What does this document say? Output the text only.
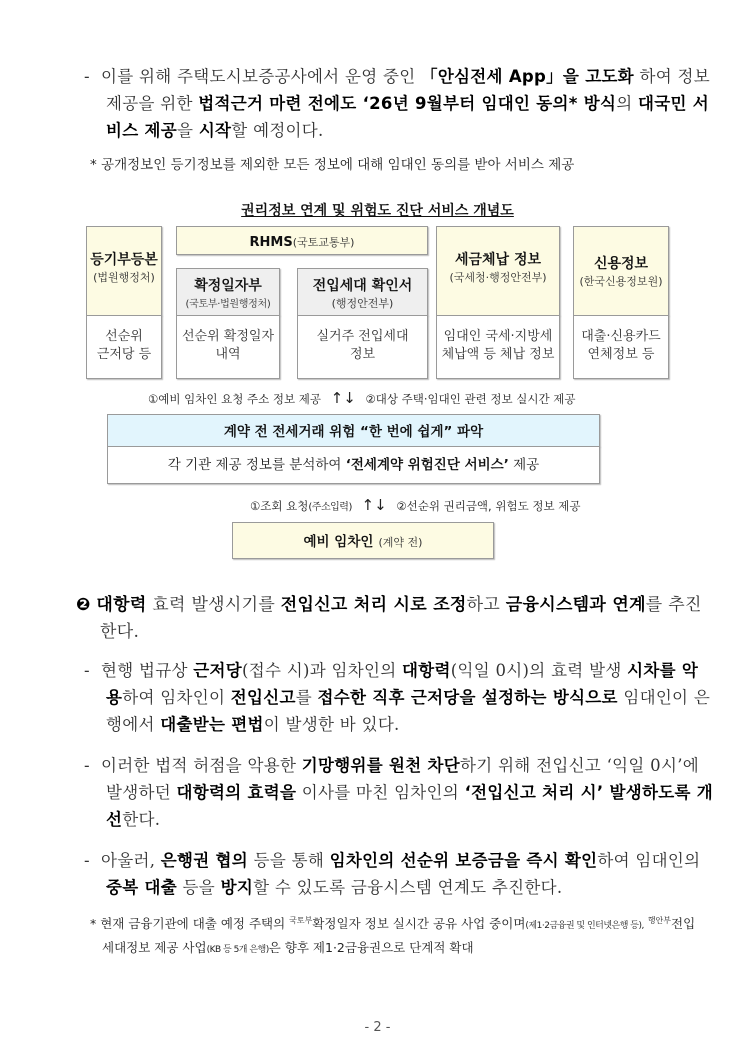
- 이를 위해 주택도시보증공사에서 운영 중인 「안심전세 App」을 고도화 하여 정보 제공을 위한 법적근거 마련 전에도 ‘26년 9월부터 임대인 동의* 방식의 대국민 서비스 제공을 시작할 예정이다.
* 공개정보인 등기정보를 제외한 모든 정보에 대해 임대인 동의를 받아 서비스 제공
권리정보 연계 및 위험도 진단 서비스 개념도
RHMS(국토교통부)
등기부등본
(법원행정처)
선순위
근저당 등
확정일자부
(국토부·법원행정처)
선순위 확정일자
내역
전입세대 확인서
(행정안전부)
실거주 전입세대
정보
세금체납 정보
(국세청·행정안전부)
임대인 국세·지방세
체납액 등 체납 정보
신용정보
(한국신용정보원)
대출·신용카드
연체정보 등
①예비 임차인 요청 주소 정보 제공 ↑↓ ②대상 주택·임대인 관련 정보 실시간 제공
계약 전 전세거래 위험 “한 번에 쉽게” 파악
각 기관 제공 정보를 분석하여 ‘전세계약 위험진단 서비스’ 제공
①조회 요청(주소입력) ↑↓ ②선순위 권리금액, 위험도 정보 제공
예비 임차인 (계약 전)
❷ 대항력 효력 발생시기를 전입신고 처리 시로 조정하고 금융시스템과 연계를 추진한다.
- 현행 법규상 근저당(접수 시)과 임차인의 대항력(익일 0시)의 효력 발생 시차를 악용하여 임차인이 전입신고를 접수한 직후 근저당을 설정하는 방식으로 임대인이 은행에서 대출받는 편법이 발생한 바 있다.
- 이러한 법적 허점을 악용한 기망행위를 원천 차단하기 위해 전입신고 ‘익일 0시’에 발생하던 대항력의 효력을 이사를 마친 임차인의 ‘전입신고 처리 시’ 발생하도록 개선한다.
- 아울러, 은행권 협의 등을 통해 임차인의 선순위 보증금을 즉시 확인하여 임대인의 중복 대출 등을 방지할 수 있도록 금융시스템 연계도 추진한다.
* 현재 금융기관에 대출 예정 주택의 $^{국토부}$확정일자 정보 실시간 공유 사업 중이며(제1·2금융권 및 인터넷은행 등), $^{행안부}$전입세대정보 제공 사업(KB 등 5개 은행)은 향후 제1·2금융권으로 단계적 확대
- 2 -
